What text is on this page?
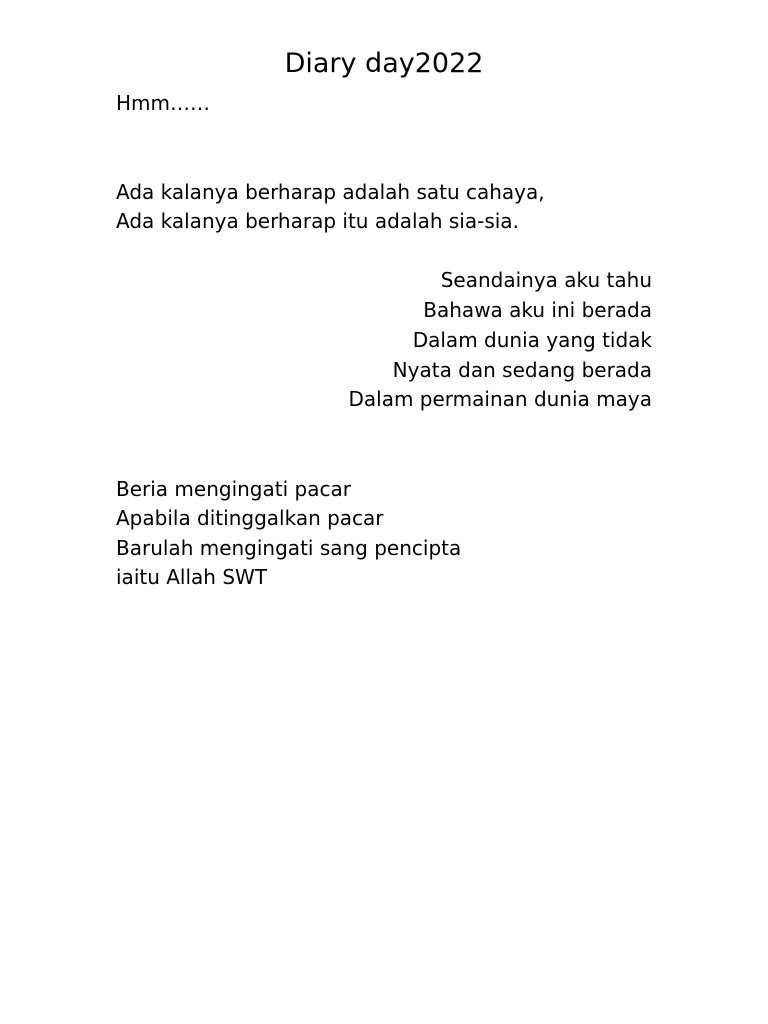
Diary day2022

Hmm……

Ada kalanya berharap adalah satu cahaya,

Ada kalanya berharap itu adalah sia-sia.

Seandainya aku tahu

Bahawa aku ini berada

Dalam dunia yang tidak

Nyata dan sedang berada

Dalam permainan dunia maya

Beria mengingati pacar

Apabila ditinggalkan pacar

Barulah mengingati sang pencipta

iaitu Allah SWT
